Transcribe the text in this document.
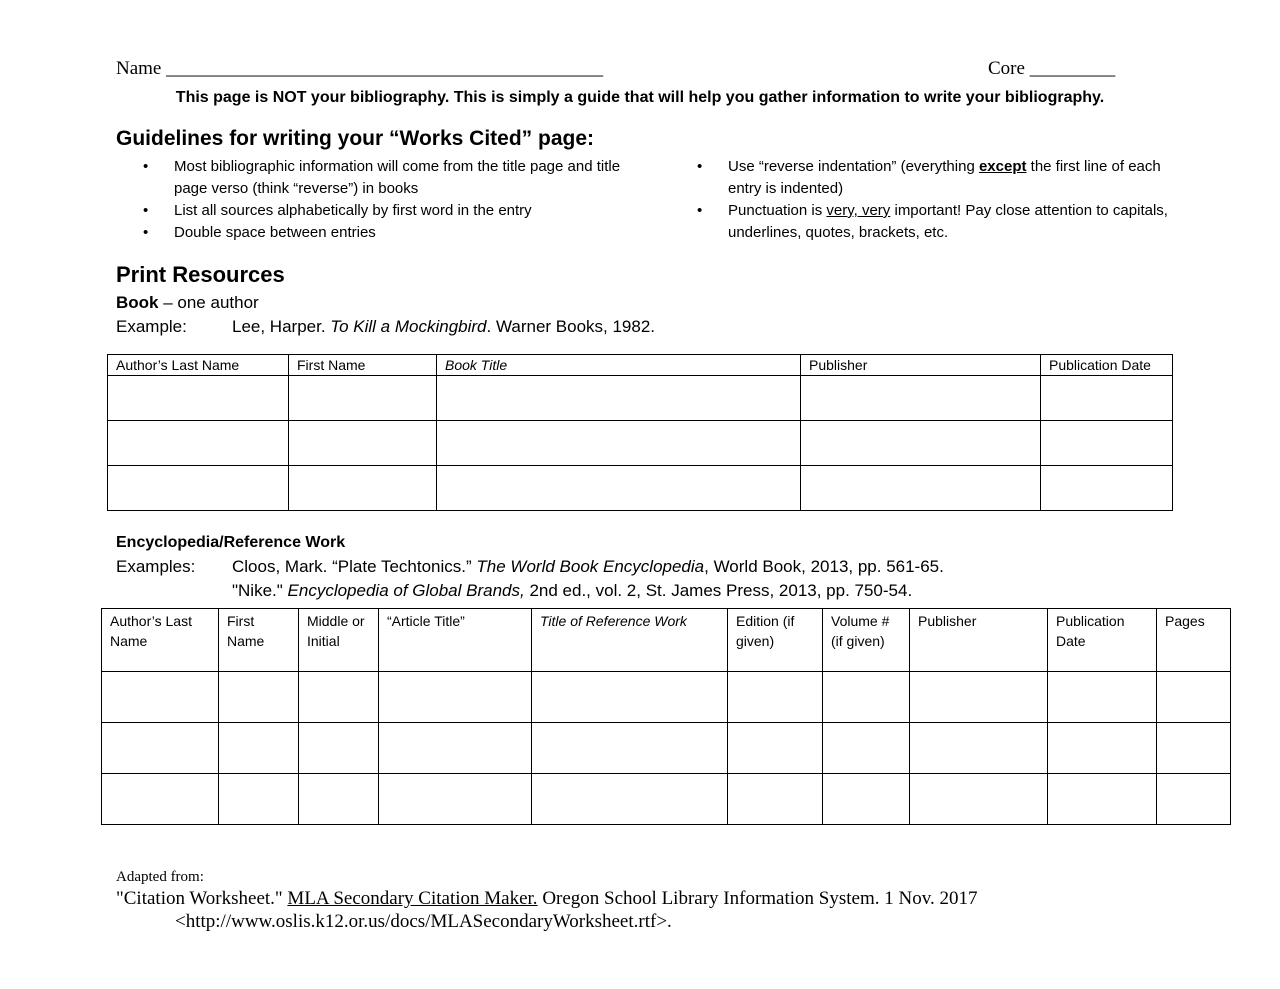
Name ______________________________________________	Core _________
This page is NOT your bibliography. This is simply a guide that will help you gather information to write your bibliography.
Guidelines for writing your “Works Cited” page:
• Most bibliographic information will come from the title page and title page verso (think “reverse”) in books
• List all sources alphabetically by first word in the entry
• Double space between entries
• Use “reverse indentation” (everything except the first line of each entry is indented)
• Punctuation is very, very important! Pay close attention to capitals, underlines, quotes, brackets, etc.
Print Resources
Book – one author
Example:	Lee, Harper. To Kill a Mockingbird. Warner Books, 1982.
Author’s Last Name	First Name	Book Title	Publisher	Publication Date

Encyclopedia/Reference Work
Examples: Cloos, Mark. “Plate Techtonics.” The World Book Encyclopedia, World Book, 2013, pp. 561-65.
"Nike." Encyclopedia of Global Brands, 2nd ed., vol. 2, St. James Press, 2013, pp. 750-54.
Author’s Last Name	First Name	Middle or Initial	“Article Title”	Title of Reference Work	Edition (if given)	Volume # (if given)	Publisher	Publication Date	Pages

Adapted from:
"Citation Worksheet." MLA Secondary Citation Maker. Oregon School Library Information System. 1 Nov. 2017
<http://www.oslis.k12.or.us/docs/MLASecondaryWorksheet.rtf>.
